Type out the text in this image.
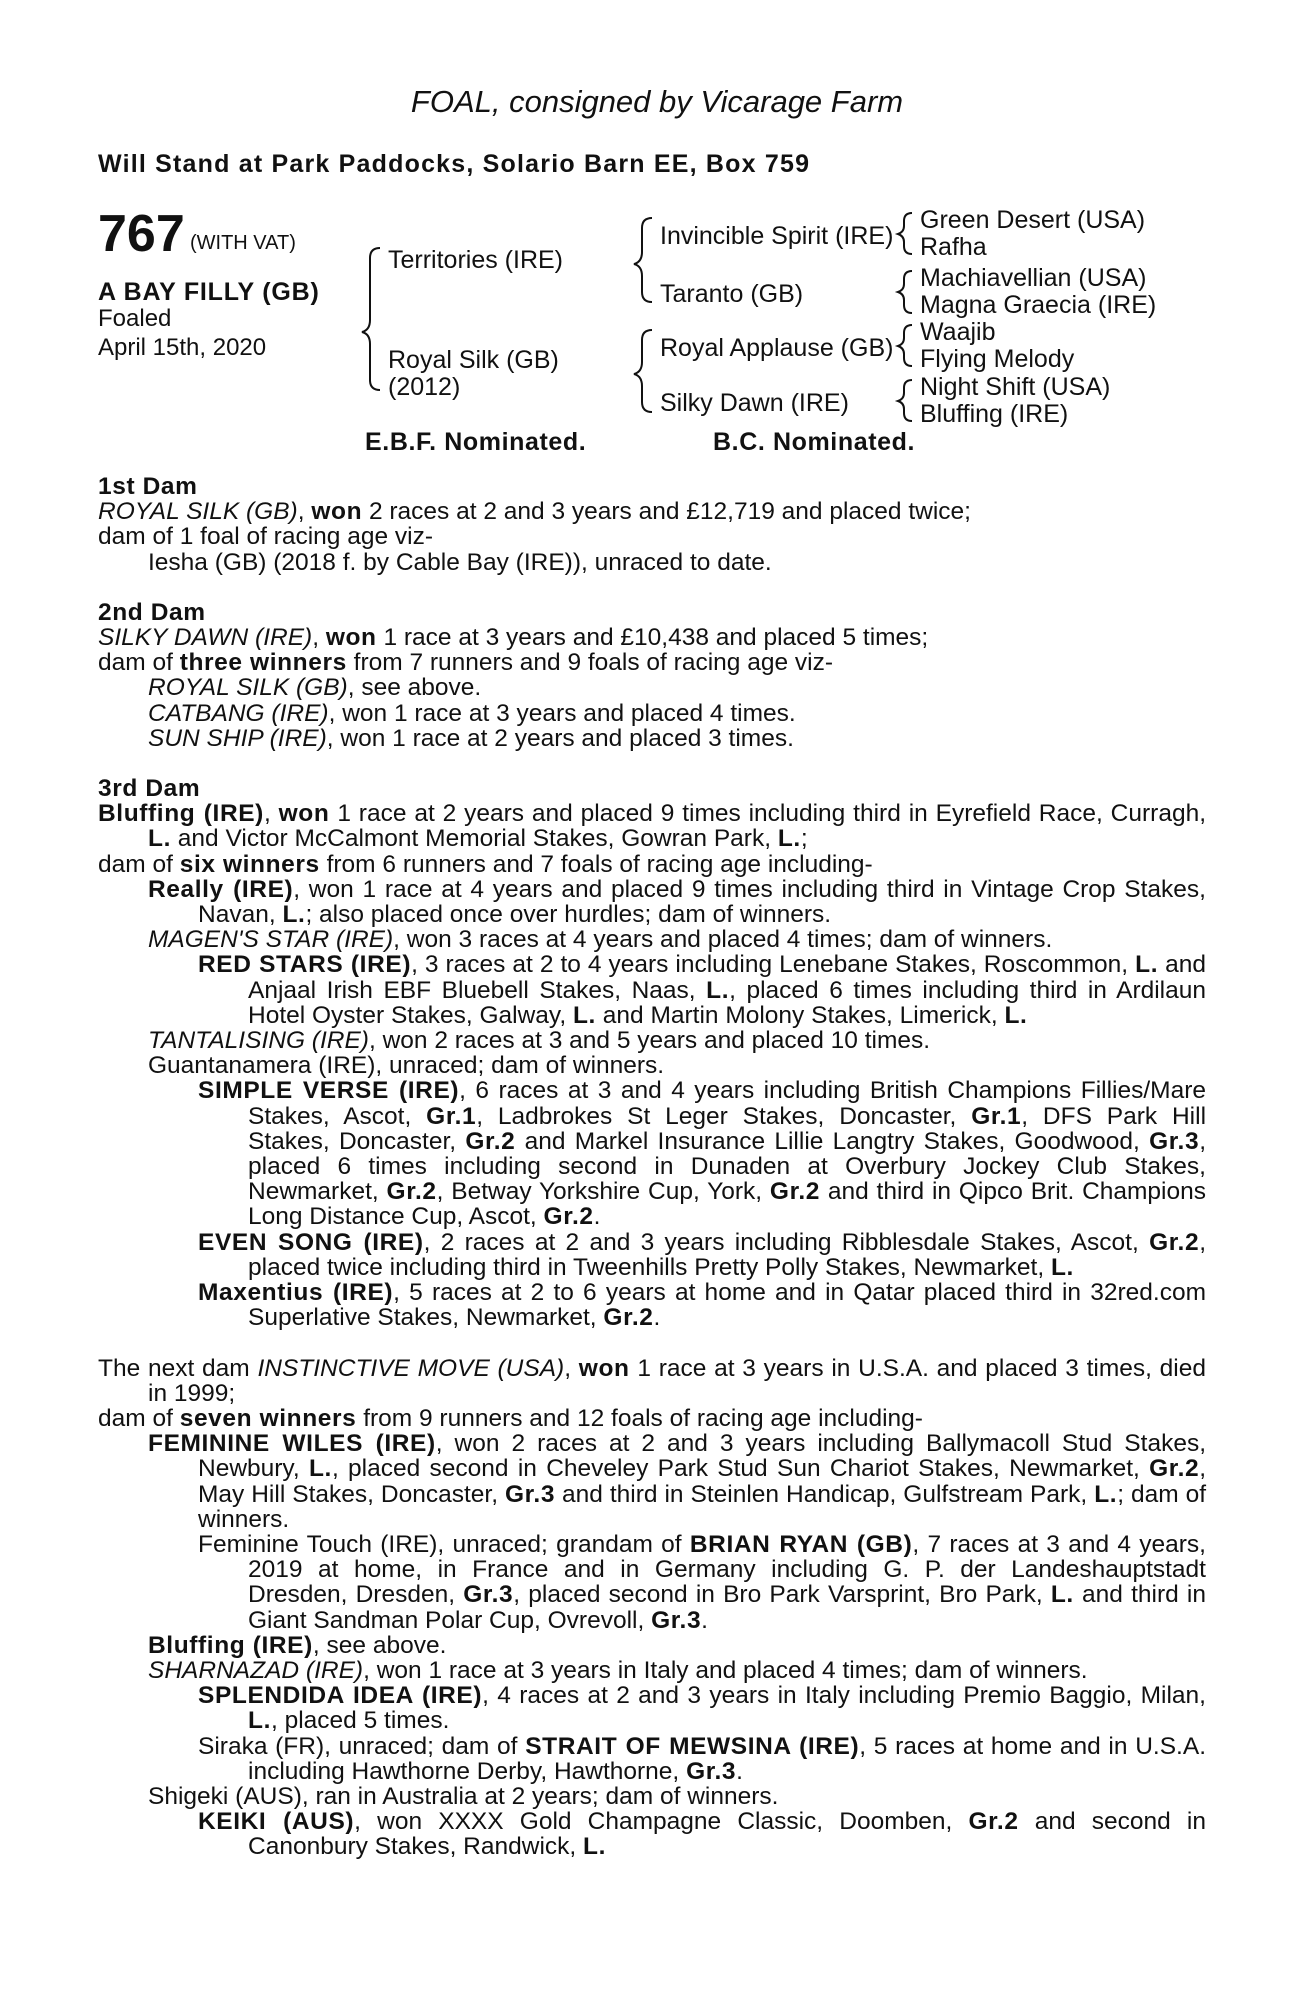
FOAL, consigned by Vicarage Farm
Will Stand at Park Paddocks, Solario Barn EE, Box 759
767 (WITH VAT)
A BAY FILLY (GB)
Foaled
April 15th, 2020
Territories (IRE)
Royal Silk (GB)
(2012)
Invincible Spirit (IRE)
Taranto (GB)
Royal Applause (GB)
Silky Dawn (IRE)
Green Desert (USA)
Rafha
Machiavellian (USA)
Magna Graecia (IRE)
Waajib
Flying Melody
Night Shift (USA)
Bluffing (IRE)
E.B.F. Nominated.	B.C. Nominated.

1st Dam

ROYAL SILK (GB), won 2 races at 2 and 3 years and £12,719 and placed twice;

dam of 1 foal of racing age viz-

Iesha (GB) (2018 f. by Cable Bay (IRE)), unraced to date.

2nd Dam

SILKY DAWN (IRE), won 1 race at 3 years and £10,438 and placed 5 times;

dam of three winners from 7 runners and 9 foals of racing age viz-

ROYAL SILK (GB), see above.

CATBANG (IRE), won 1 race at 3 years and placed 4 times.

SUN SHIP (IRE), won 1 race at 2 years and placed 3 times.

3rd Dam

Bluffing (IRE), won 1 race at 2 years and placed 9 times including third in Eyrefield Race, Curragh, L. and Victor McCalmont Memorial Stakes, Gowran Park, L.;

dam of six winners from 6 runners and 7 foals of racing age including-

Really (IRE), won 1 race at 4 years and placed 9 times including third in Vintage Crop Stakes, Navan, L.; also placed once over hurdles; dam of winners.

MAGEN'S STAR (IRE), won 3 races at 4 years and placed 4 times; dam of winners.

RED STARS (IRE), 3 races at 2 to 4 years including Lenebane Stakes, Roscommon, L. and Anjaal Irish EBF Bluebell Stakes, Naas, L., placed 6 times including third in Ardilaun Hotel Oyster Stakes, Galway, L. and Martin Molony Stakes, Limerick, L.

TANTALISING (IRE), won 2 races at 3 and 5 years and placed 10 times.

Guantanamera (IRE), unraced; dam of winners.

SIMPLE VERSE (IRE), 6 races at 3 and 4 years including British Champions Fillies/Mare Stakes, Ascot, Gr.1, Ladbrokes St Leger Stakes, Doncaster, Gr.1, DFS Park Hill Stakes, Doncaster, Gr.2 and Markel Insurance Lillie Langtry Stakes, Goodwood, Gr.3, placed 6 times including second in Dunaden at Overbury Jockey Club Stakes, Newmarket, Gr.2, Betway Yorkshire Cup, York, Gr.2 and third in Qipco Brit. Champions Long Distance Cup, Ascot, Gr.2.

EVEN SONG (IRE), 2 races at 2 and 3 years including Ribblesdale Stakes, Ascot, Gr.2, placed twice including third in Tweenhills Pretty Polly Stakes, Newmarket, L.

Maxentius (IRE), 5 races at 2 to 6 years at home and in Qatar placed third in 32red.com Superlative Stakes, Newmarket, Gr.2.

The next dam INSTINCTIVE MOVE (USA), won 1 race at 3 years in U.S.A. and placed 3 times, died in 1999;

dam of seven winners from 9 runners and 12 foals of racing age including-

FEMININE WILES (IRE), won 2 races at 2 and 3 years including Ballymacoll Stud Stakes, Newbury, L., placed second in Cheveley Park Stud Sun Chariot Stakes, Newmarket, Gr.2, May Hill Stakes, Doncaster, Gr.3 and third in Steinlen Handicap, Gulfstream Park, L.; dam of winners.

Feminine Touch (IRE), unraced; grandam of BRIAN RYAN (GB), 7 races at 3 and 4 years, 2019 at home, in France and in Germany including G. P. der Landeshauptstadt Dresden, Dresden, Gr.3, placed second in Bro Park Varsprint, Bro Park, L. and third in Giant Sandman Polar Cup, Ovrevoll, Gr.3.

Bluffing (IRE), see above.

SHARNAZAD (IRE), won 1 race at 3 years in Italy and placed 4 times; dam of winners.

SPLENDIDA IDEA (IRE), 4 races at 2 and 3 years in Italy including Premio Baggio, Milan, L., placed 5 times.

Siraka (FR), unraced; dam of STRAIT OF MEWSINA (IRE), 5 races at home and in U.S.A. including Hawthorne Derby, Hawthorne, Gr.3.

Shigeki (AUS), ran in Australia at 2 years; dam of winners.

KEIKI (AUS), won XXXX Gold Champagne Classic, Doomben, Gr.2 and second in Canonbury Stakes, Randwick, L.
